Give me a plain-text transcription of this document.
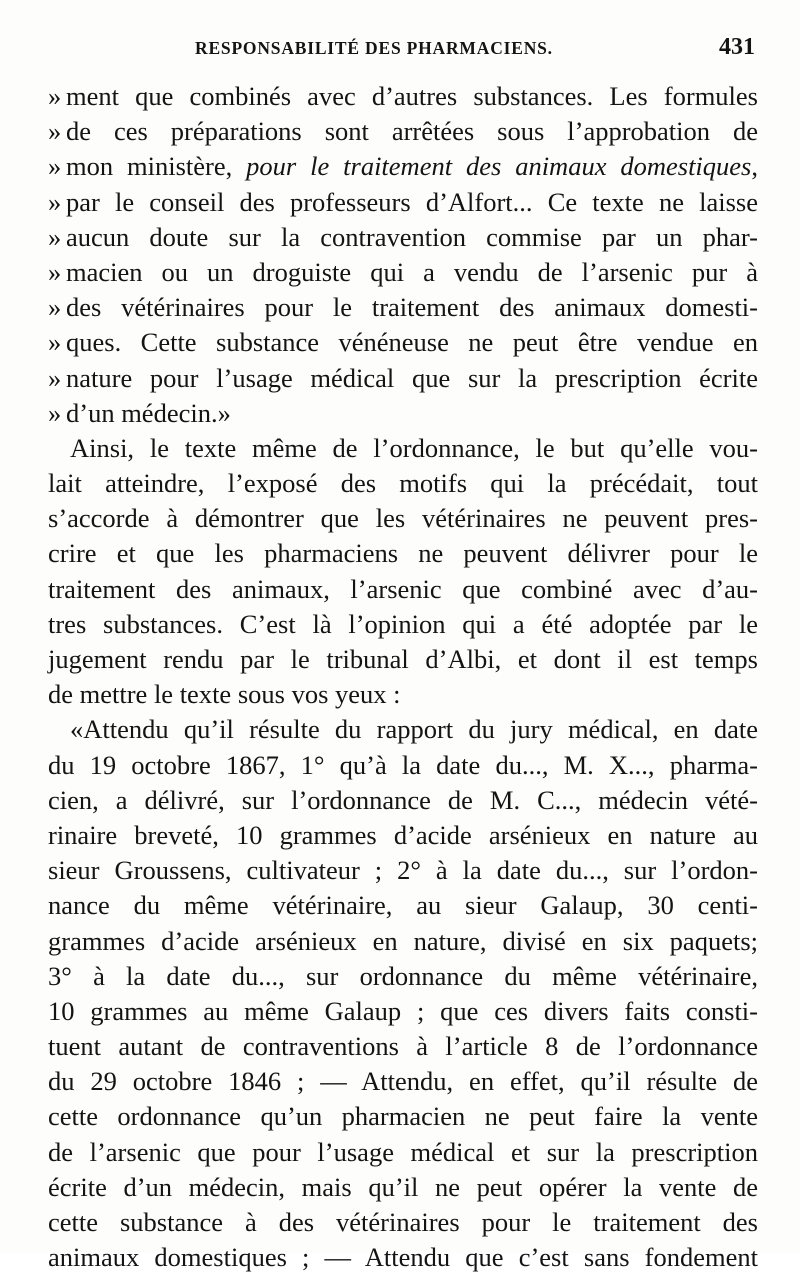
RESPONSABILITÉ DES PHARMACIENS.	431
» ment que combinés avec d’autres substances. Les formules
» de ces préparations sont arrêtées sous l’approbation de
» mon ministère, pour le traitement des animaux domestiques,
» par le conseil des professeurs d’Alfort... Ce texte ne laisse
» aucun doute sur la contravention commise par un phar-
» macien ou un droguiste qui a vendu de l’arsenic pur à
» des vétérinaires pour le traitement des animaux domesti-
» ques. Cette substance vénéneuse ne peut être vendue en
» nature pour l’usage médical que sur la prescription écrite
» d’un médecin.»
Ainsi, le texte même de l’ordonnance, le but qu’elle vou-
lait atteindre, l’exposé des motifs qui la précédait, tout
s’accorde à démontrer que les vétérinaires ne peuvent pres-
crire et que les pharmaciens ne peuvent délivrer pour le
traitement des animaux, l’arsenic que combiné avec d’au-
tres substances. C’est là l’opinion qui a été adoptée par le
jugement rendu par le tribunal d’Albi, et dont il est temps
de mettre le texte sous vos yeux :
«Attendu qu’il résulte du rapport du jury médical, en date
du 19 octobre 1867, 1° qu’à la date du..., M. X..., pharma-
cien, a délivré, sur l’ordonnance de M. C..., médecin vété-
rinaire breveté, 10 grammes d’acide arsénieux en nature au
sieur Groussens, cultivateur ; 2° à la date du..., sur l’ordon-
nance du même vétérinaire, au sieur Galaup, 30 centi-
grammes d’acide arsénieux en nature, divisé en six paquets;
3° à la date du..., sur ordonnance du même vétérinaire,
10 grammes au même Galaup ; que ces divers faits consti-
tuent autant de contraventions à l’article 8 de l’ordonnance
du 29 octobre 1846 ; — Attendu, en effet, qu’il résulte de
cette ordonnance qu’un pharmacien ne peut faire la vente
de l’arsenic que pour l’usage médical et sur la prescription
écrite d’un médecin, mais qu’il ne peut opérer la vente de
cette substance à des vétérinaires pour le traitement des
animaux domestiques ; — Attendu que c’est sans fondement
